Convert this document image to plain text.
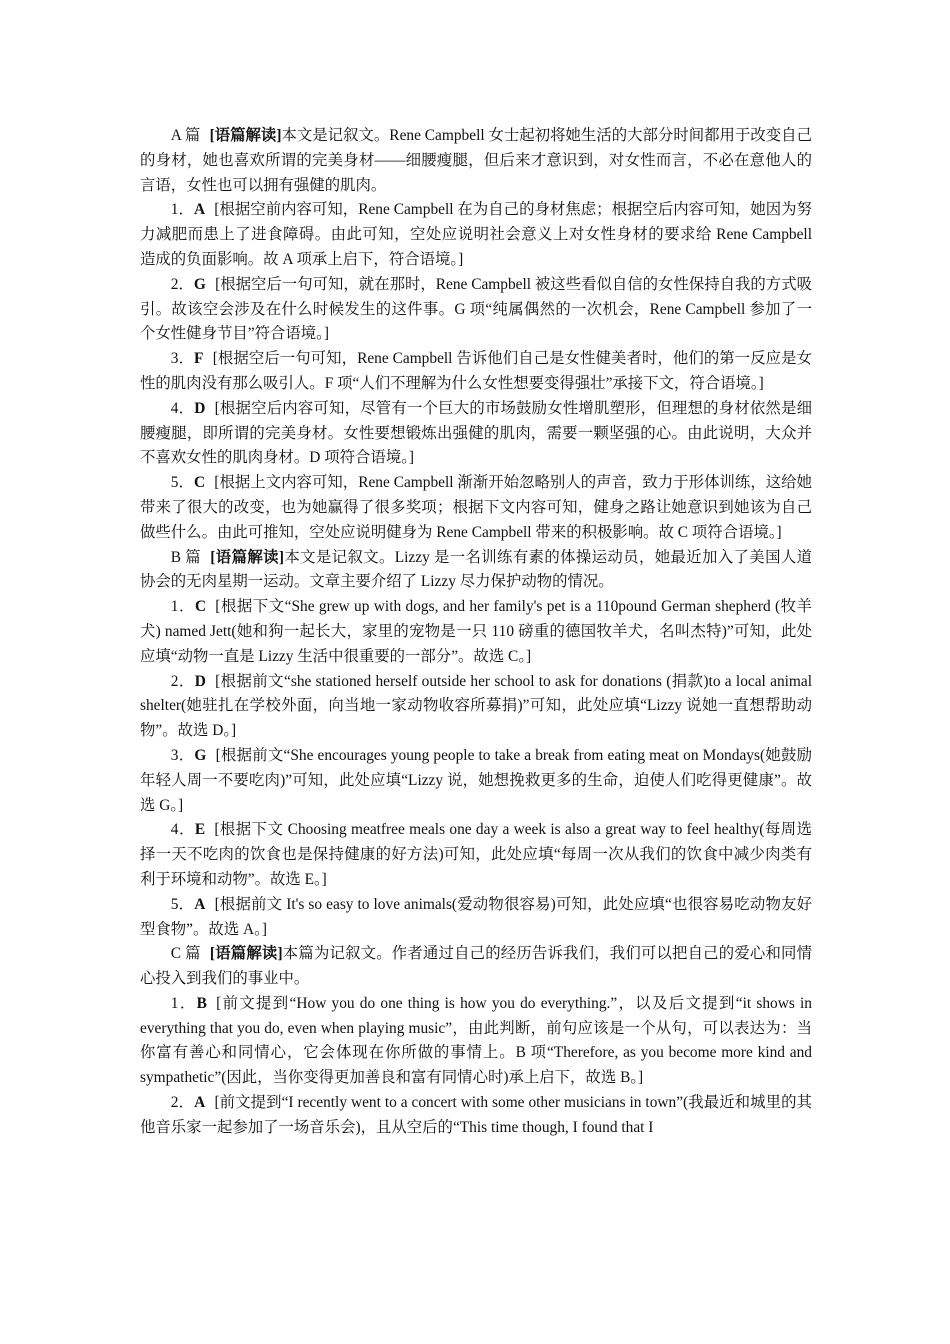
A 篇 [语篇解读]本文是记叙文。Rene Campbell 女士起初将她生活的大部分时间都用于改变自己的身材，她也喜欢所谓的完美身材——细腰瘦腿，但后来才意识到，对女性而言，不必在意他人的言语，女性也可以拥有强健的肌肉。

1．A [根据空前内容可知，Rene Campbell 在为自己的身材焦虑；根据空后内容可知，她因为努力减肥而患上了进食障碍。由此可知，空处应说明社会意义上对女性身材的要求给 Rene Campbell 造成的负面影响。故 A 项承上启下，符合语境。]

2．G [根据空后一句可知，就在那时，Rene Campbell 被这些看似自信的女性保持自我的方式吸引。故该空会涉及在什么时候发生的这件事。G 项“纯属偶然的一次机会，Rene Campbell 参加了一个女性健身节目”符合语境。]

3．F [根据空后一句可知，Rene Campbell 告诉他们自己是女性健美者时，他们的第一反应是女性的肌肉没有那么吸引人。F 项“人们不理解为什么女性想要变得强壮”承接下文，符合语境。]

4．D [根据空后内容可知，尽管有一个巨大的市场鼓励女性增肌塑形，但理想的身材依然是细腰瘦腿，即所谓的完美身材。女性要想锻炼出强健的肌肉，需要一颗坚强的心。由此说明，大众并不喜欢女性的肌肉身材。D 项符合语境。]

5．C [根据上文内容可知，Rene Campbell 渐渐开始忽略别人的声音，致力于形体训练，这给她带来了很大的改变，也为她赢得了很多奖项；根据下文内容可知，健身之路让她意识到她该为自己做些什么。由此可推知，空处应说明健身为 Rene Campbell 带来的积极影响。故 C 项符合语境。]

B 篇 [语篇解读]本文是记叙文。Lizzy 是一名训练有素的体操运动员，她最近加入了美国人道协会的无肉星期一运动。文章主要介绍了 Lizzy 尽力保护动物的情况。

1．C [根据下文“She grew up with dogs, and her family's pet is a 110pound German shepherd (牧羊犬) named Jett(她和狗一起长大，家里的宠物是一只 110 磅重的德国牧羊犬，名叫杰特)”可知，此处应填“动物一直是 Lizzy 生活中很重要的一部分”。故选 C。]

2．D [根据前文“she stationed herself outside her school to ask for donations (捐款)to a local animal shelter(她驻扎在学校外面，向当地一家动物收容所募捐)”可知，此处应填“Lizzy 说她一直想帮助动物”。故选 D。]

3．G [根据前文“She encourages young people to take a break from eating meat on Mondays(她鼓励年轻人周一不要吃肉)”可知，此处应填“Lizzy 说，她想挽救更多的生命，迫使人们吃得更健康”。故选 G。]

4．E [根据下文 Choosing meatfree meals one day a week is also a great way to feel healthy(每周选择一天不吃肉的饮食也是保持健康的好方法)可知，此处应填“每周一次从我们的饮食中减少肉类有利于环境和动物”。故选 E。]

5．A [根据前文 It's so easy to love animals(爱动物很容易)可知，此处应填“也很容易吃动物友好型食物”。故选 A。]

C 篇 [语篇解读]本篇为记叙文。作者通过自己的经历告诉我们，我们可以把自己的爱心和同情心投入到我们的事业中。

1．B [前文提到“How you do one thing is how you do everything.”，以及后文提到“it shows in everything that you do, even when playing music”，由此判断，前句应该是一个从句，可以表达为：当你富有善心和同情心，它会体现在你所做的事情上。B 项“Therefore, as you become more kind and sympathetic”(因此，当你变得更加善良和富有同情心时)承上启下，故选 B。]

2．A [前文提到“I recently went to a concert with some other musicians in town”(我最近和城里的其他音乐家一起参加了一场音乐会)，且从空后的“This time though, I found that I
